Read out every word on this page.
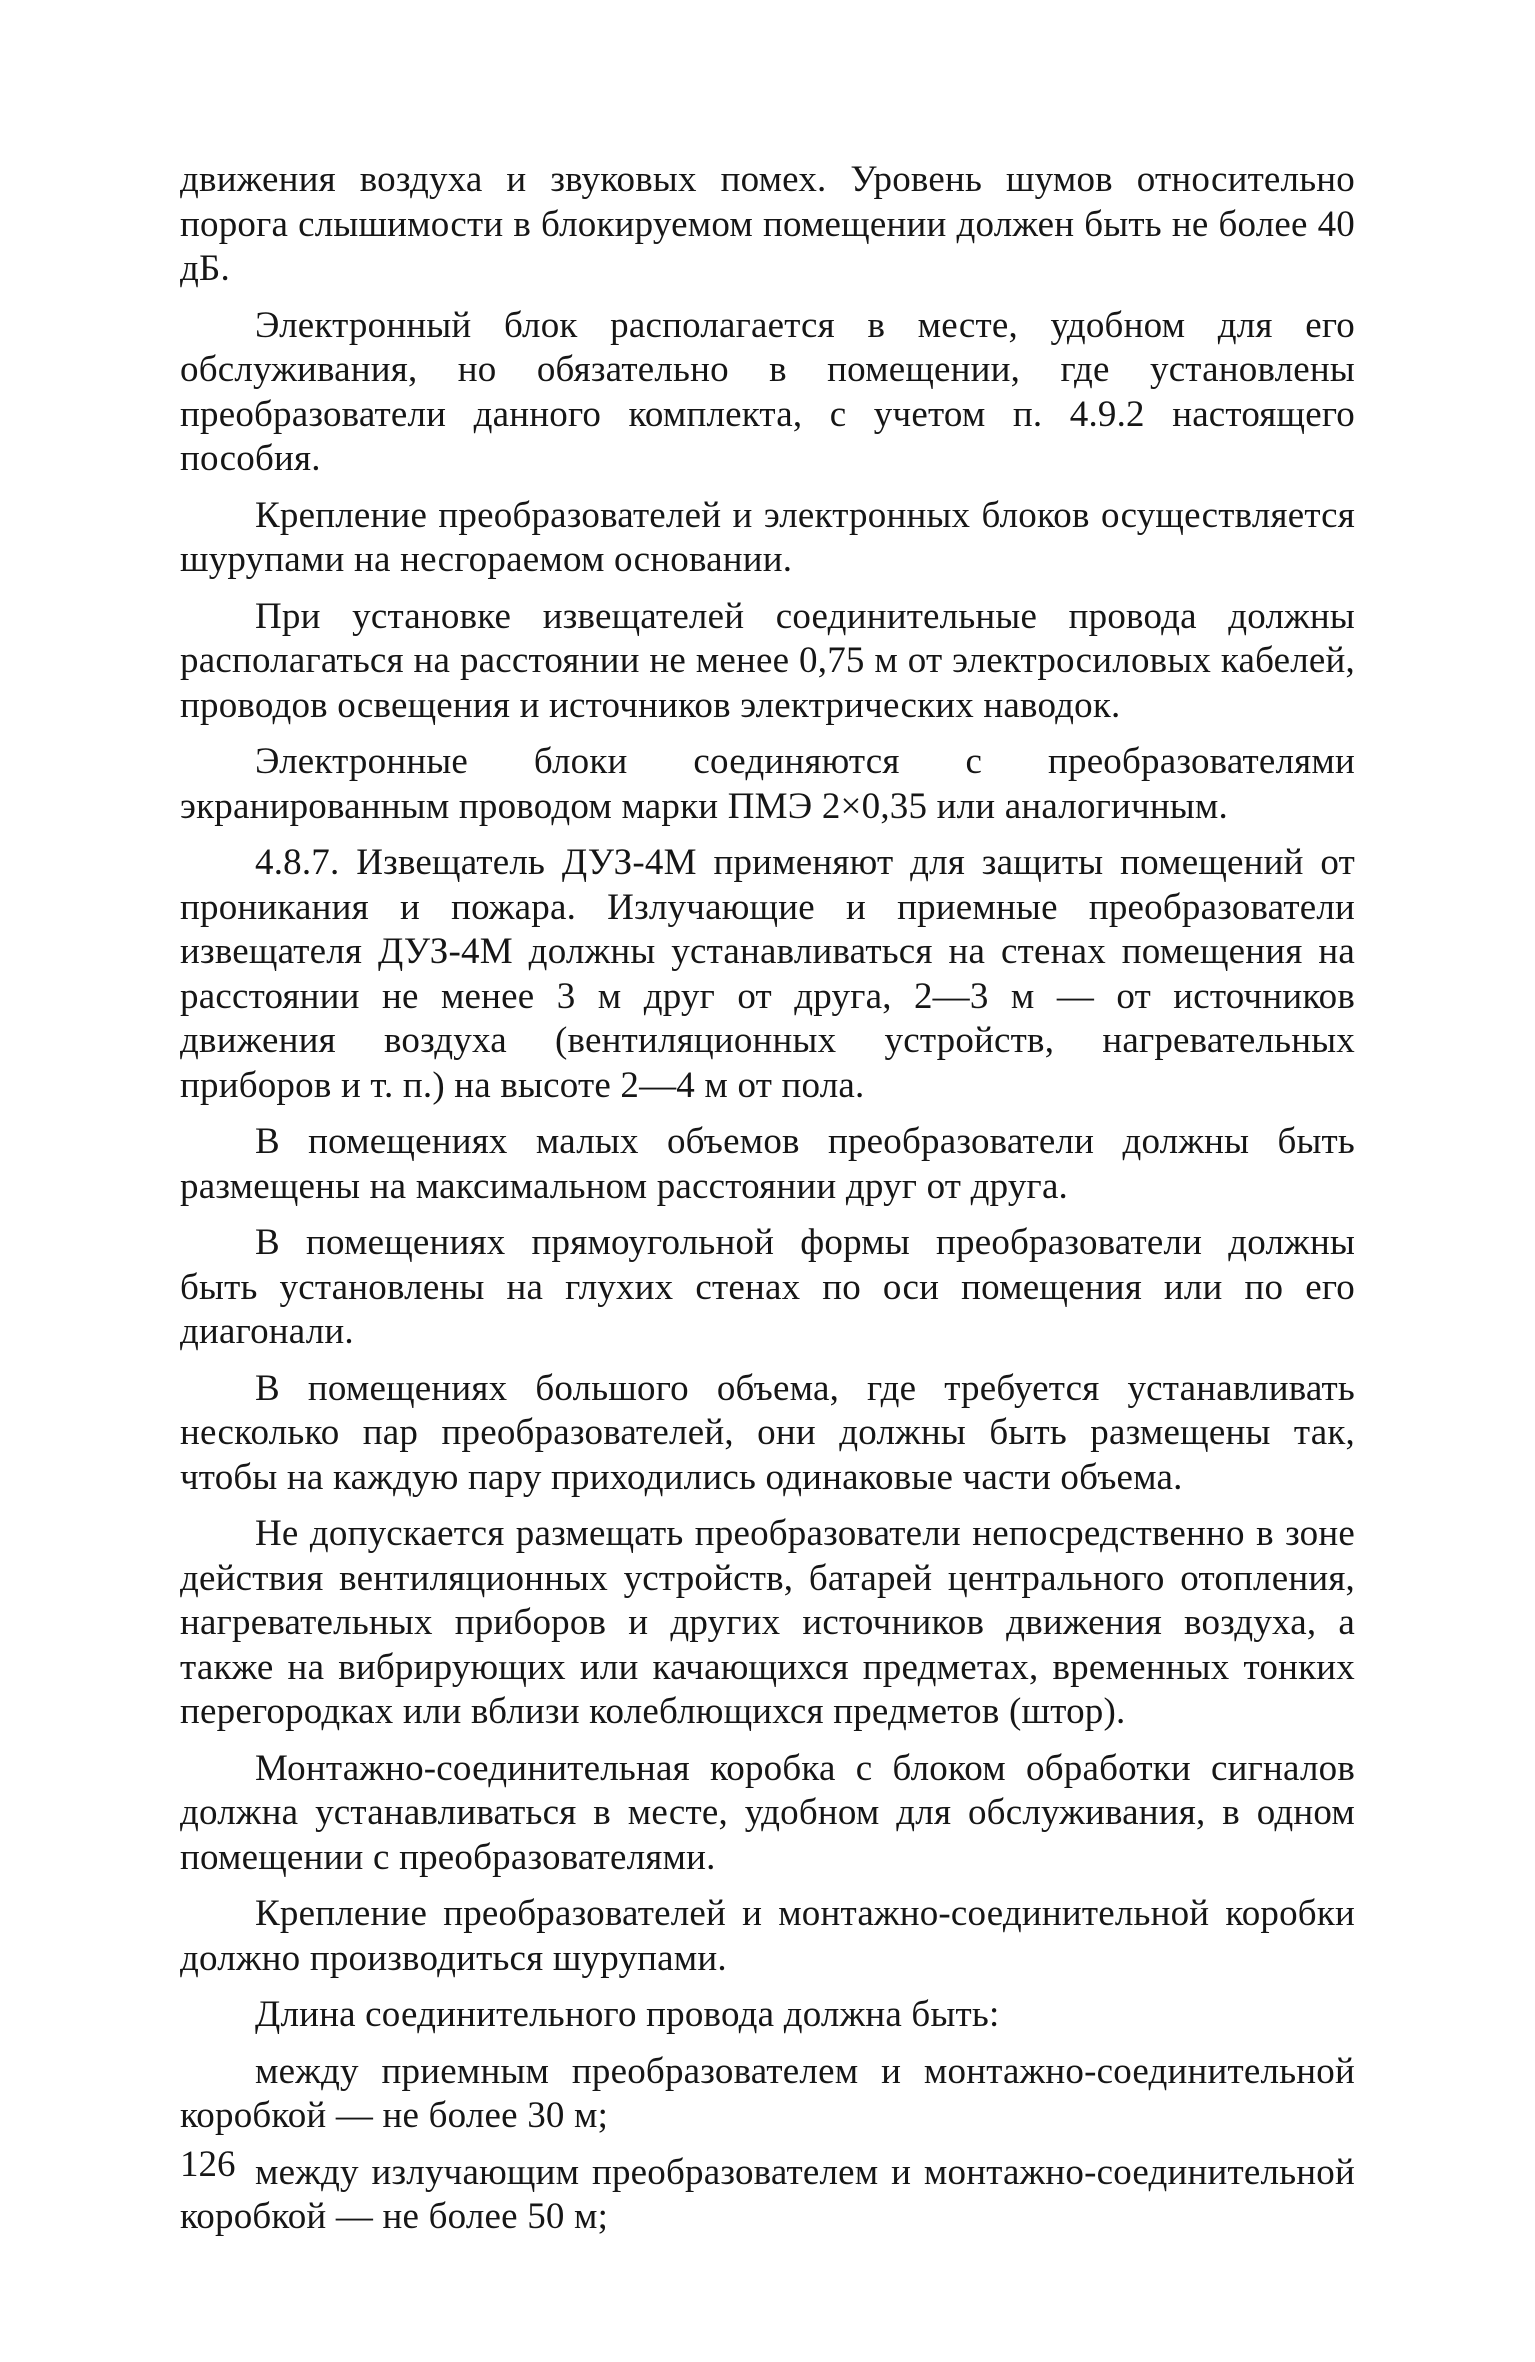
движения воздуха и звуковых помех. Уровень шумов относительно порога слышимости в блокируемом помещении должен быть не более 40 дБ.

Электронный блок располагается в месте, удобном для его обслуживания, но обязательно в помещении, где установлены преобразователи данного комплекта, с учетом п. 4.9.2 настоящего пособия.

Крепление преобразователей и электронных блоков осуществляется шурупами на несгораемом основании.

При установке извещателей соединительные провода должны располагаться на расстоянии не менее 0,75 м от электросиловых кабелей, проводов освещения и источников электрических наводок.

Электронные блоки соединяются с преобразователями экранированным проводом марки ПМЭ 2×0,35 или аналогичным.

4.8.7. Извещатель ДУЗ-4М применяют для защиты помещений от проникания и пожара. Излучающие и приемные преобразователи извещателя ДУЗ-4М должны устанавливаться на стенах помещения на расстоянии не менее 3 м друг от друга, 2—3 м — от источников движения воздуха (вентиляционных устройств, нагревательных приборов и т. п.) на высоте 2—4 м от пола.

В помещениях малых объемов преобразователи должны быть размещены на максимальном расстоянии друг от друга.

В помещениях прямоугольной формы преобразователи должны быть установлены на глухих стенах по оси помещения или по его диагонали.

В помещениях большого объема, где требуется устанавливать несколько пар преобразователей, они должны быть размещены так, чтобы на каждую пару приходились одинаковые части объема.

Не допускается размещать преобразователи непосредственно в зоне действия вентиляционных устройств, батарей центрального отопления, нагревательных приборов и других источников движения воздуха, а также на вибрирующих или качающихся предметах, временных тонких перегородках или вблизи колеблющихся предметов (штор).

Монтажно-соединительная коробка с блоком обработки сигналов должна устанавливаться в месте, удобном для обслуживания, в одном помещении с преобразователями.

Крепление преобразователей и монтажно-соединительной коробки должно производиться шурупами.

Длина соединительного провода должна быть:

между приемным преобразователем и монтажно-соединительной коробкой — не более 30 м;

между излучающим преобразователем и монтажно-соединительной коробкой — не более 50 м;

126
